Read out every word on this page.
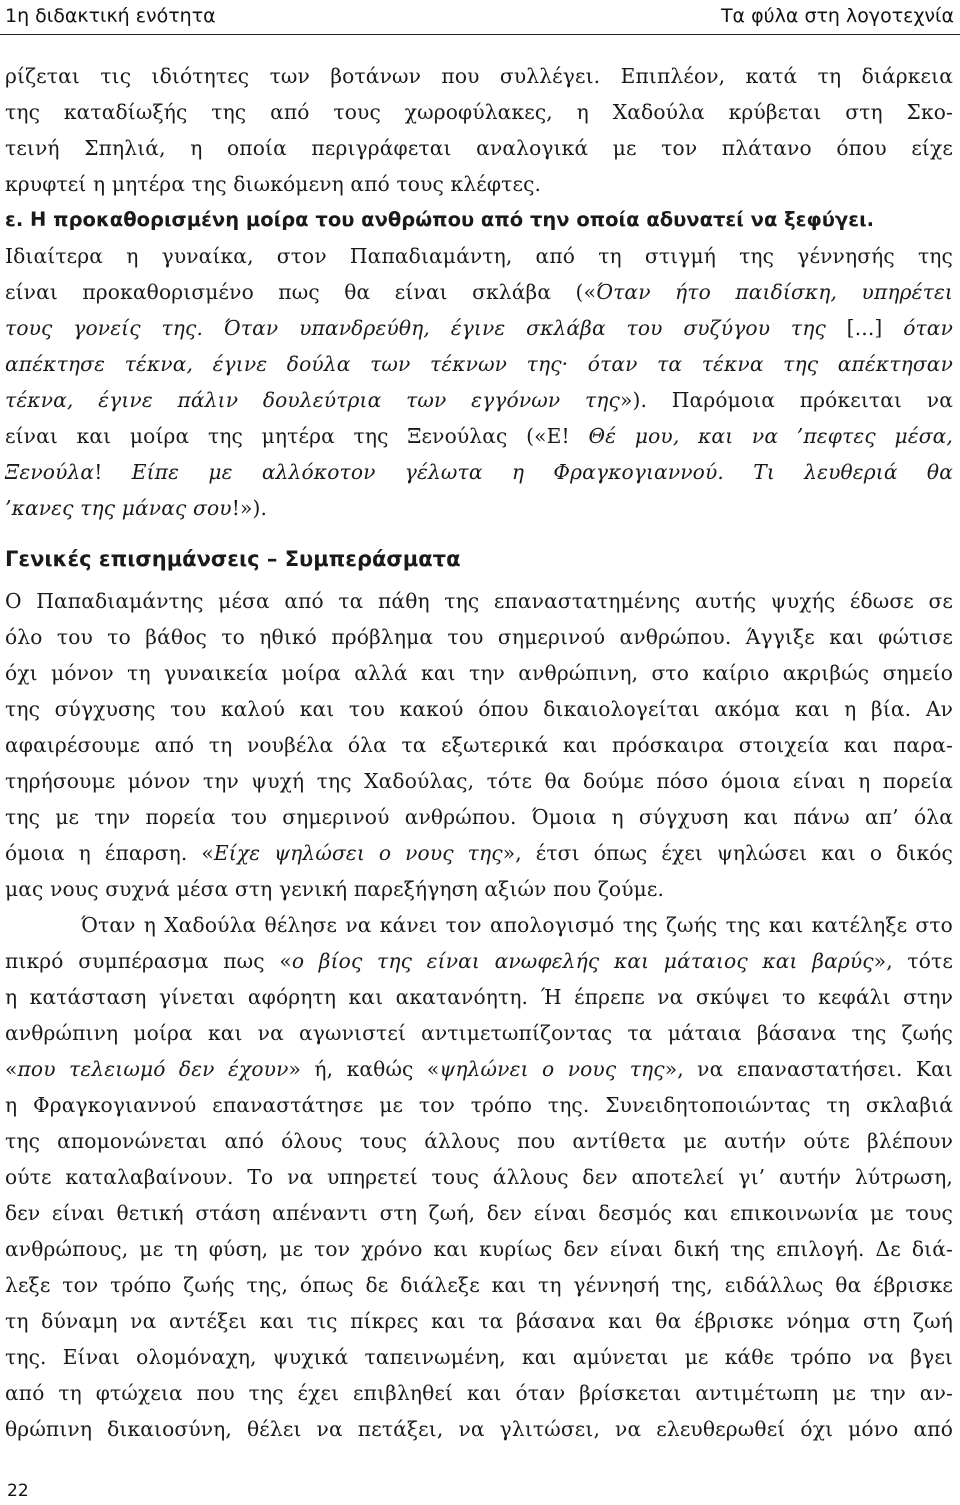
1η διδακτική ενότητα	Τα φύλα στη λογοτεχνία
ρίζεται τις ιδιότητες των βοτάνων που συλλέγει. Επιπλέον, κατά τη διάρκεια
της καταδίωξής της από τους χωροφύλακες, η Χαδούλα κρύβεται στη Σκο-
τεινή Σπηλιά, η οποία περιγράφεται αναλογικά με τον πλάτανο όπου είχε
κρυφτεί η μητέρα της διωκόμενη από τους κλέφτες.
ε. Η προκαθορισμένη μοίρα του ανθρώπου από την οποία αδυνατεί να ξεφύγει.
Ιδιαίτερα η γυναίκα, στον Παπαδιαμάντη, από τη στιγμή της γέννησής της
είναι προκαθορισμένο πως θα είναι σκλάβα («Όταν ήτο παιδίσκη, υπηρέτει
τους γονείς της. Όταν υπανδρεύθη, έγινε σκλάβα του συζύγου της [...] όταν
απέκτησε τέκνα, έγινε δούλα των τέκνων της· όταν τα τέκνα της απέκτησαν
τέκνα, έγινε πάλιν δουλεύτρια των εγγόνων της»). Παρόμοια πρόκειται να
είναι και μοίρα της μητέρα της Ξενούλας («Ε! Θέ μου, και να ’πεφτες μέσα,
Ξενούλα! Είπε με αλλόκοτον γέλωτα η Φραγκογιαννού. Τι λευθεριά θα
’κανες της μάνας σου!»).
Γενικές επισημάνσεις – Συμπεράσματα
Ο Παπαδιαμάντης μέσα από τα πάθη της επαναστατημένης αυτής ψυχής έδωσε σε
όλο του το βάθος το ηθικό πρόβλημα του σημερινού ανθρώπου. Άγγιξε και φώτισε
όχι μόνον τη γυναικεία μοίρα αλλά και την ανθρώπινη, στο καίριο ακριβώς σημείο
της σύγχυσης του καλού και του κακού όπου δικαιολογείται ακόμα και η βία. Αν
αφαιρέσουμε από τη νουβέλα όλα τα εξωτερικά και πρόσκαιρα στοιχεία και παρα-
τηρήσουμε μόνον την ψυχή της Χαδούλας, τότε θα δούμε πόσο όμοια είναι η πορεία
της με την πορεία του σημερινού ανθρώπου. Όμοια η σύγχυση και πάνω απ’ όλα
όμοια η έπαρση. «Είχε ψηλώσει ο νους της», έτσι όπως έχει ψηλώσει και ο δικός
μας νους συχνά μέσα στη γενική παρεξήγηση αξιών που ζούμε.
Όταν η Χαδούλα θέλησε να κάνει τον απολογισμό της ζωής της και κατέληξε στο
πικρό συμπέρασμα πως «ο βίος της είναι ανωφελής και μάταιος και βαρύς», τότε
η κατάσταση γίνεται αφόρητη και ακατανόητη. Ή έπρεπε να σκύψει το κεφάλι στην
ανθρώπινη μοίρα και να αγωνιστεί αντιμετωπίζοντας τα μάταια βάσανα της ζωής
«που τελειωμό δεν έχουν» ή, καθώς «ψηλώνει ο νους της», να επαναστατήσει. Και
η Φραγκογιαννού επαναστάτησε με τον τρόπο της. Συνειδητοποιώντας τη σκλαβιά
της απομονώνεται από όλους τους άλλους που αντίθετα με αυτήν ούτε βλέπουν
ούτε καταλαβαίνουν. Το να υπηρετεί τους άλλους δεν αποτελεί γι’ αυτήν λύτρωση,
δεν είναι θετική στάση απέναντι στη ζωή, δεν είναι δεσμός και επικοινωνία με τους
ανθρώπους, με τη φύση, με τον χρόνο και κυρίως δεν είναι δική της επιλογή. Δε διά-
λεξε τον τρόπο ζωής της, όπως δε διάλεξε και τη γέννησή της, ειδάλλως θα έβρισκε
τη δύναμη να αντέξει και τις πίκρες και τα βάσανα και θα έβρισκε νόημα στη ζωή
της. Είναι ολομόναχη, ψυχικά ταπεινωμένη, και αμύνεται με κάθε τρόπο να βγει
από τη φτώχεια που της έχει επιβληθεί και όταν βρίσκεται αντιμέτωπη με την αν-
θρώπινη δικαιοσύνη, θέλει να πετάξει, να γλιτώσει, να ελευθερωθεί όχι μόνο από
22
